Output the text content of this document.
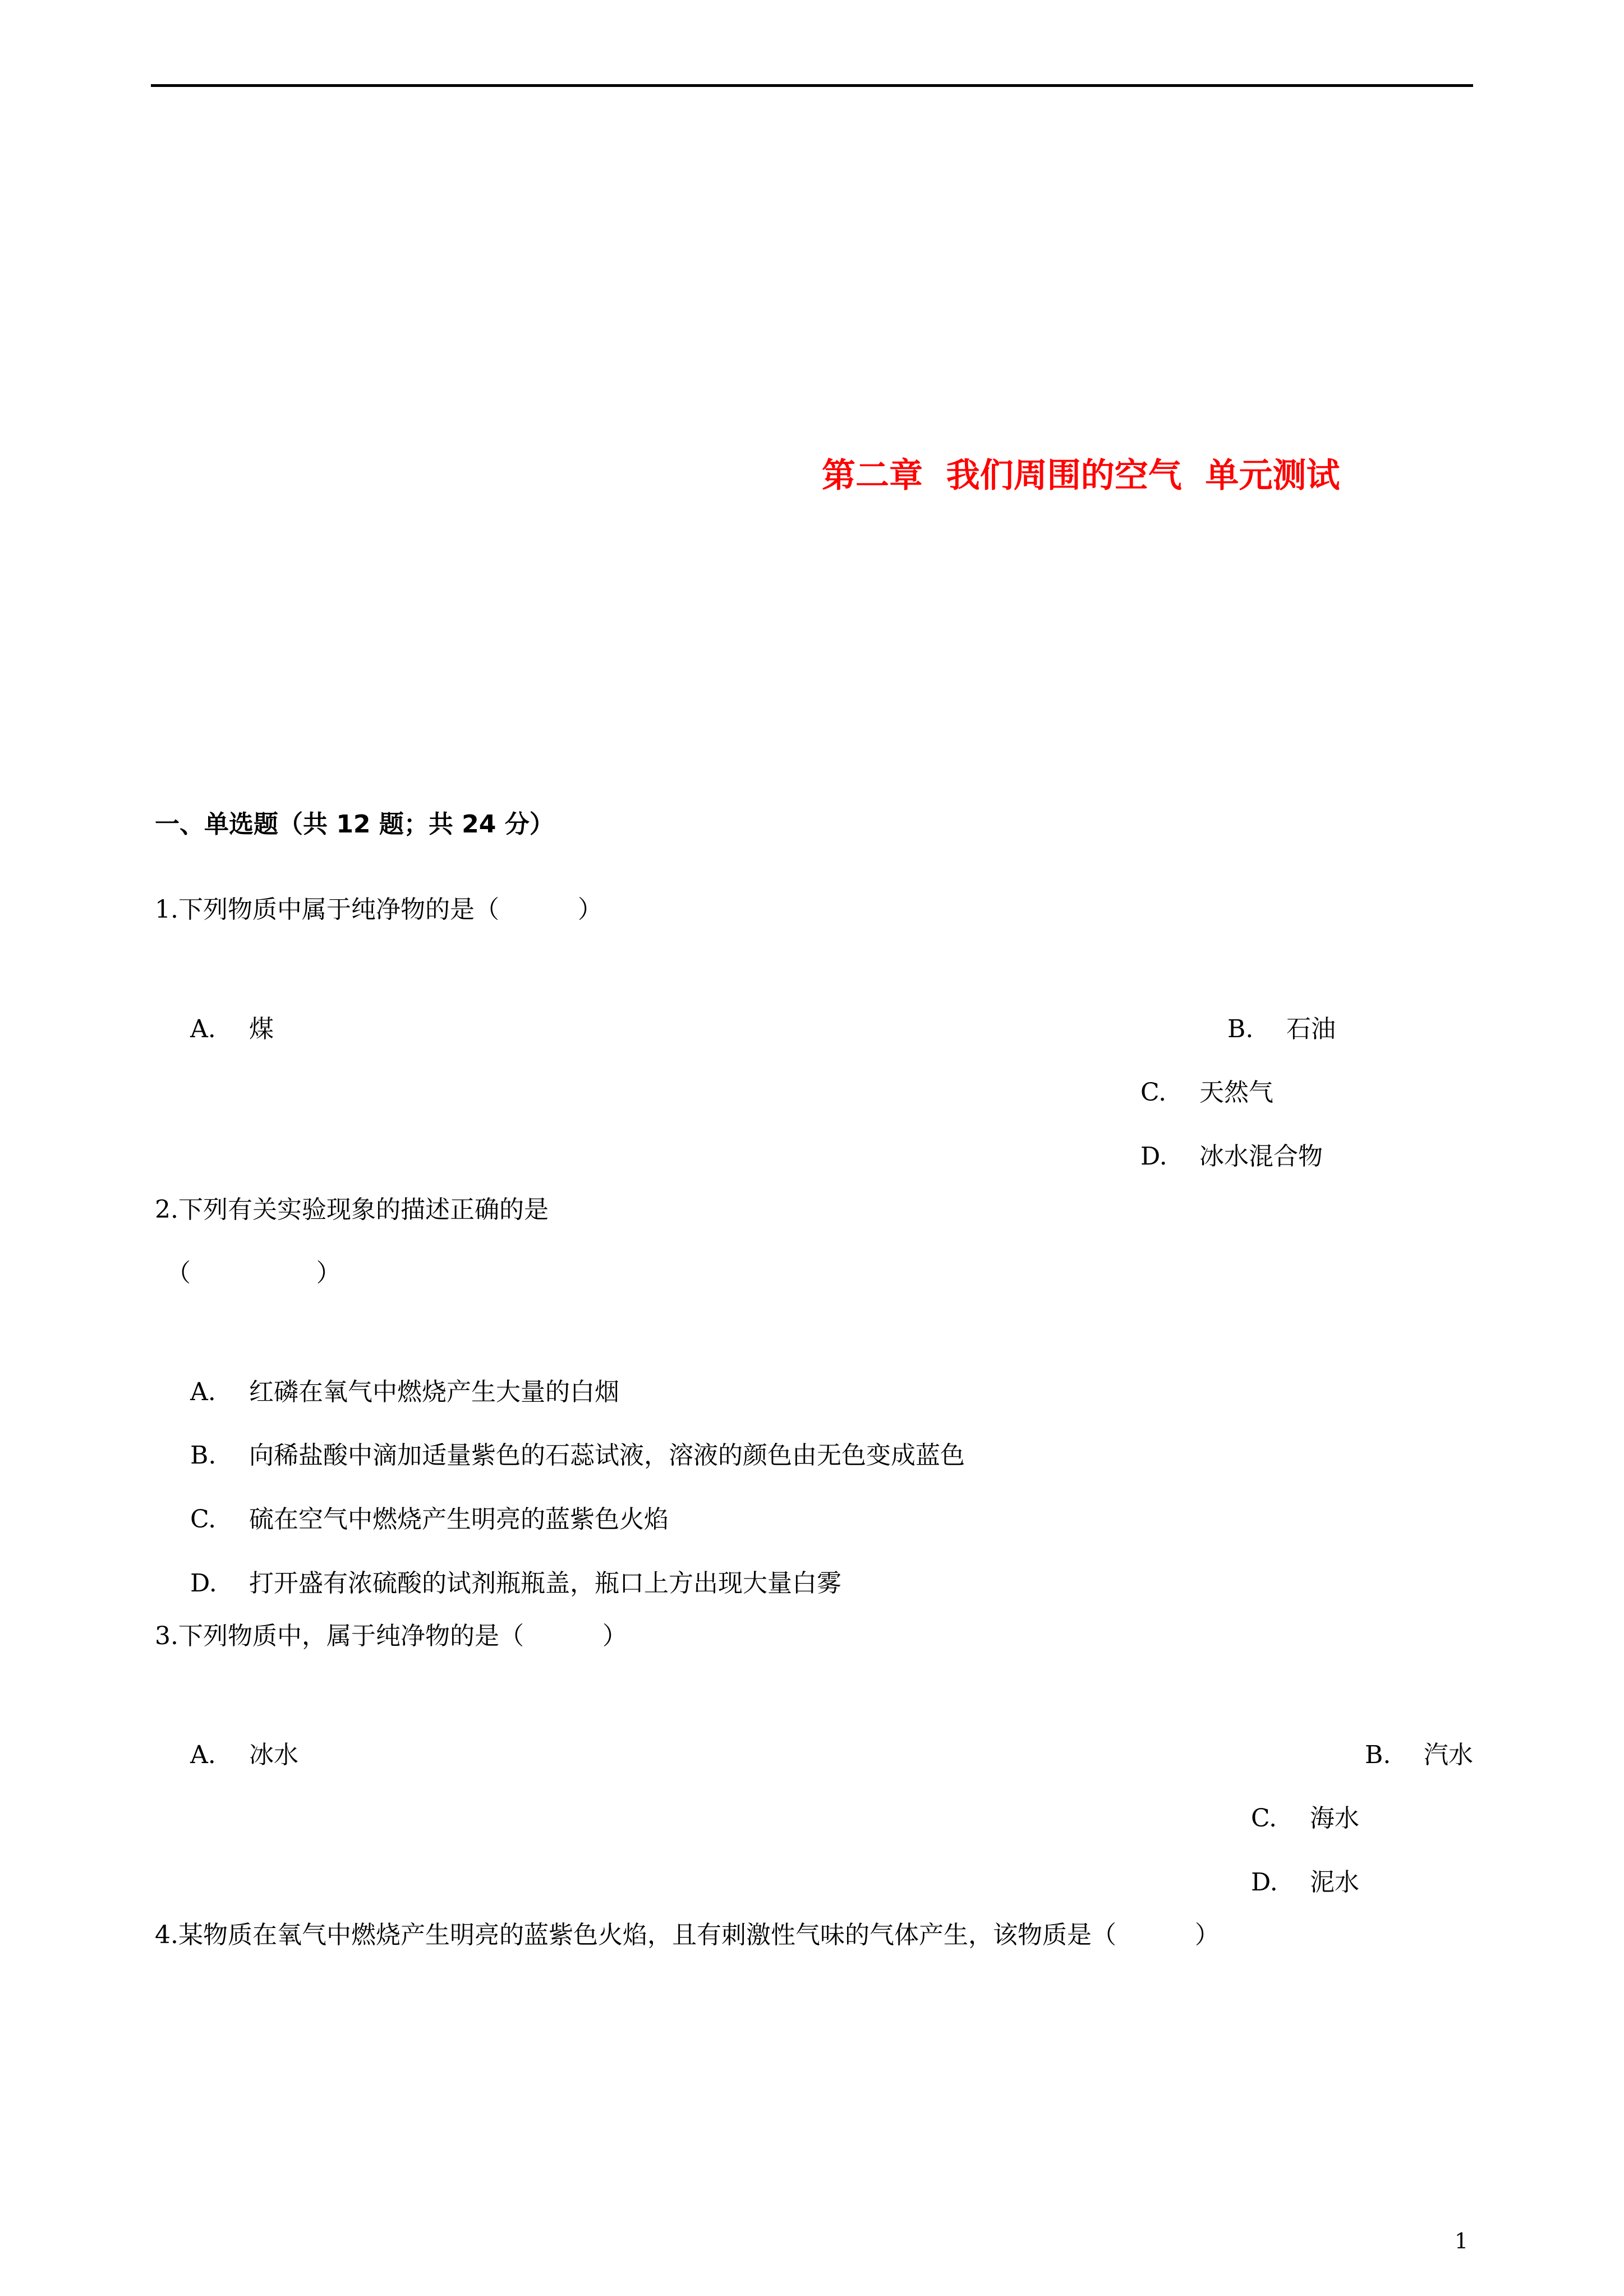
第二章  我们周围的空气  单元测试
一、单选题（共 12 题；共 24 分）
1.下列物质中属于纯净物的是（          ）

A. 煤	B. 石油

C. 天然气

D. 冰水混合物

2.下列有关实验现象的描述正确的是
（                ）

A. 红磷在氧气中燃烧产生大量的白烟

B. 向稀盐酸中滴加适量紫色的石蕊试液，溶液的颜色由无色变成蓝色

C. 硫在空气中燃烧产生明亮的蓝紫色火焰

D. 打开盛有浓硫酸的试剂瓶瓶盖，瓶口上方出现大量白雾

3.下列物质中，属于纯净物的是（          ）

A. 冰水	B. 汽水

C. 海水

D. 泥水

4.某物质在氧气中燃烧产生明亮的蓝紫色火焰，且有刺激性气味的气体产生，该物质是（          ）
1
